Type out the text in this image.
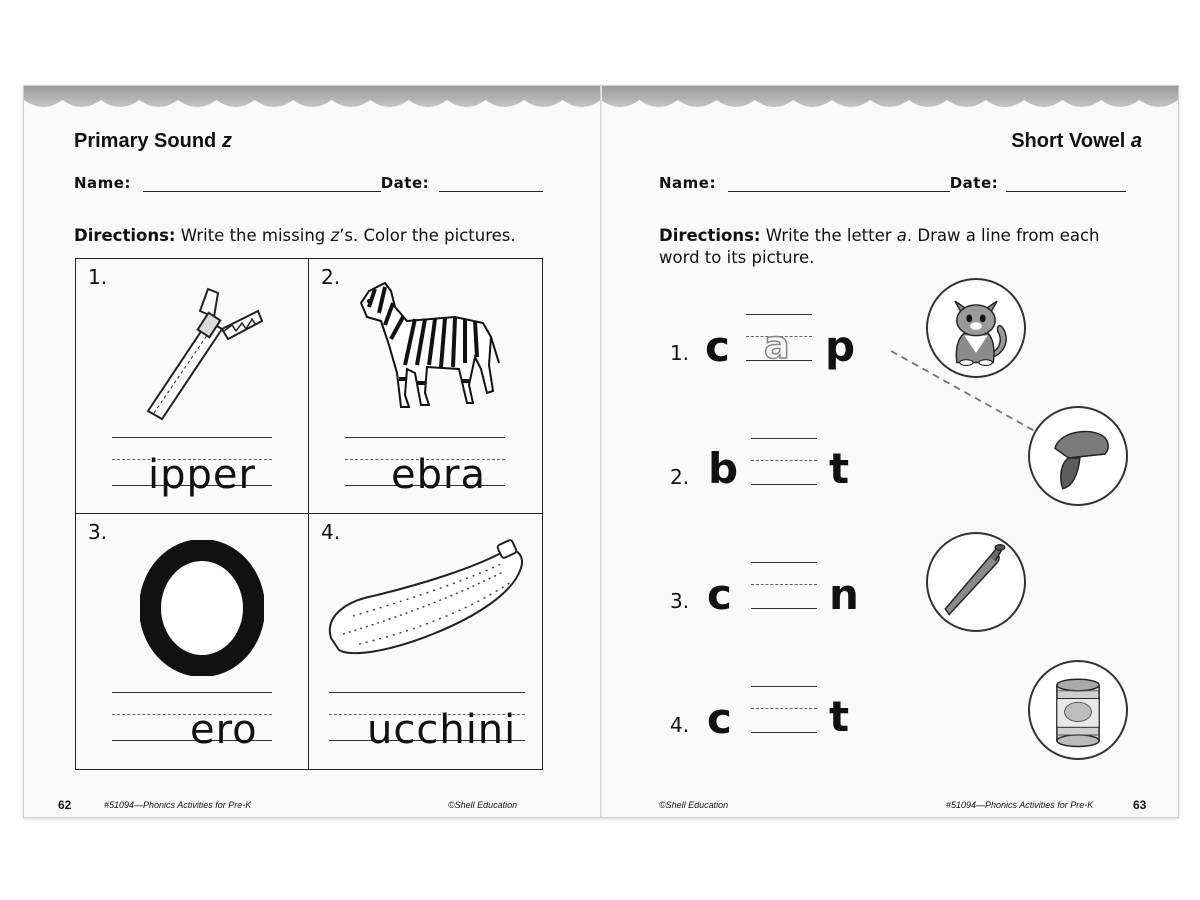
Primary Sound z
Name:	Date:
Directions: Write the missing z’s. Color the pictures.
1.
ipper
2.
ebra
3.
ero
4.
ucchini
62	#51094—Phonics Activities for Pre-K	©Shell Education
Short Vowel a
Name:	Date:
Directions: Write the letter a. Draw a line from each
word to its picture.
1. c a p
2. b t
3. c n
4. c t
©Shell Education	#51094—Phonics Activities for Pre-K	63
